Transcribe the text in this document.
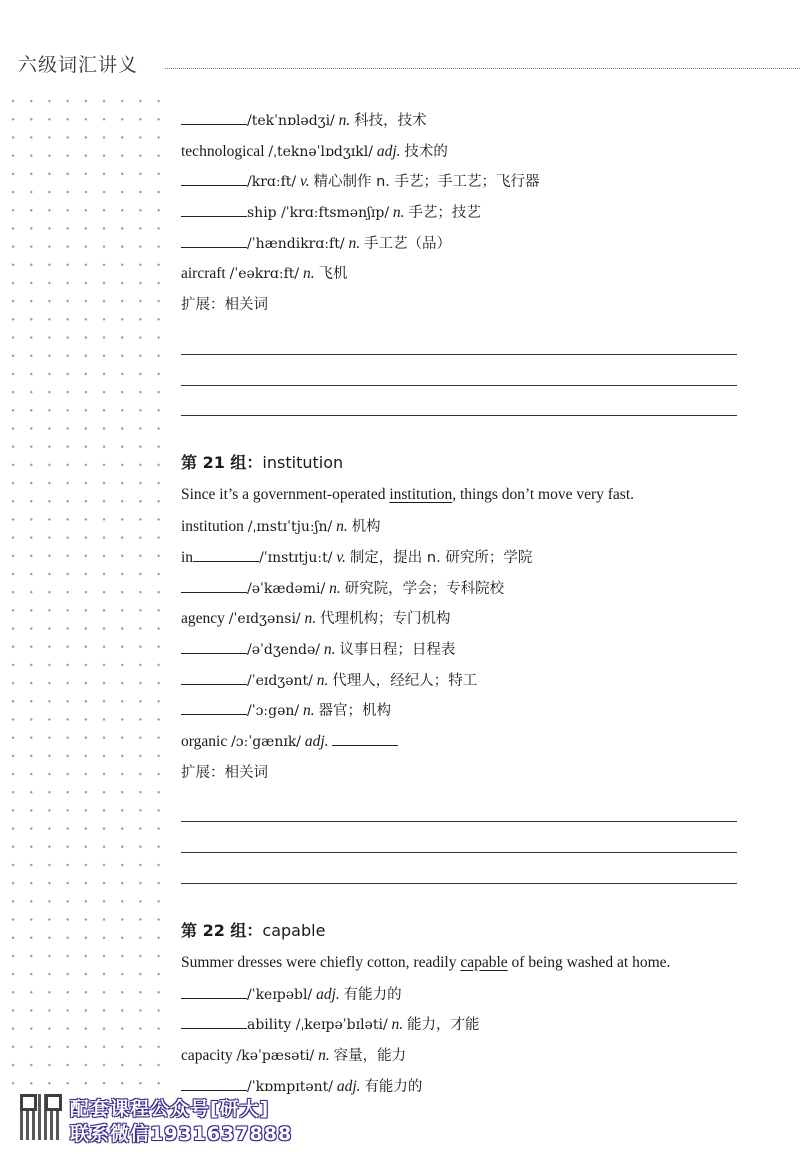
六级词汇讲义
/tekˈnɒlədʒi/ n. 科技，技术
technological /ˌteknəˈlɒdʒɪkl/ adj. 技术的
/krɑːft/ v. 精心制作 n. 手艺；手工艺；飞行器
ship /ˈkrɑːftsmənʃɪp/ n. 手艺；技艺
/ˈhændikrɑːft/ n. 手工艺（品）
aircraft /ˈeəkrɑːft/ n. 飞机
扩展：相关词
第 21 组：institution
Since it’s a government-operated institution, things don’t move very fast.
institution /ˌɪnstɪˈtjuːʃn/ n. 机构
in	/ˈɪnstɪtjuːt/ v. 制定，提出 n. 研究所；学院
/əˈkædəmi/ n. 研究院，学会；专科院校
agency /ˈeɪdʒənsi/ n. 代理机构；专门机构
/əˈdʒendə/ n. 议事日程；日程表
/ˈeɪdʒənt/ n. 代理人，经纪人；特工
/ˈɔːgən/ n. 器官；机构
organic /ɔːˈgænɪk/ adj.
扩展：相关词
第 22 组：capable
Summer dresses were chiefly cotton, readily capable of being washed at home.
/ˈkeɪpəbl/ adj. 有能力的
ability /ˌkeɪpəˈbɪləti/ n. 能力，才能
capacity /kəˈpæsəti/ n. 容量，能力
/ˈkɒmpɪtənt/ adj. 有能力的
配套课程公众号[研大]
联系微信1931637888
